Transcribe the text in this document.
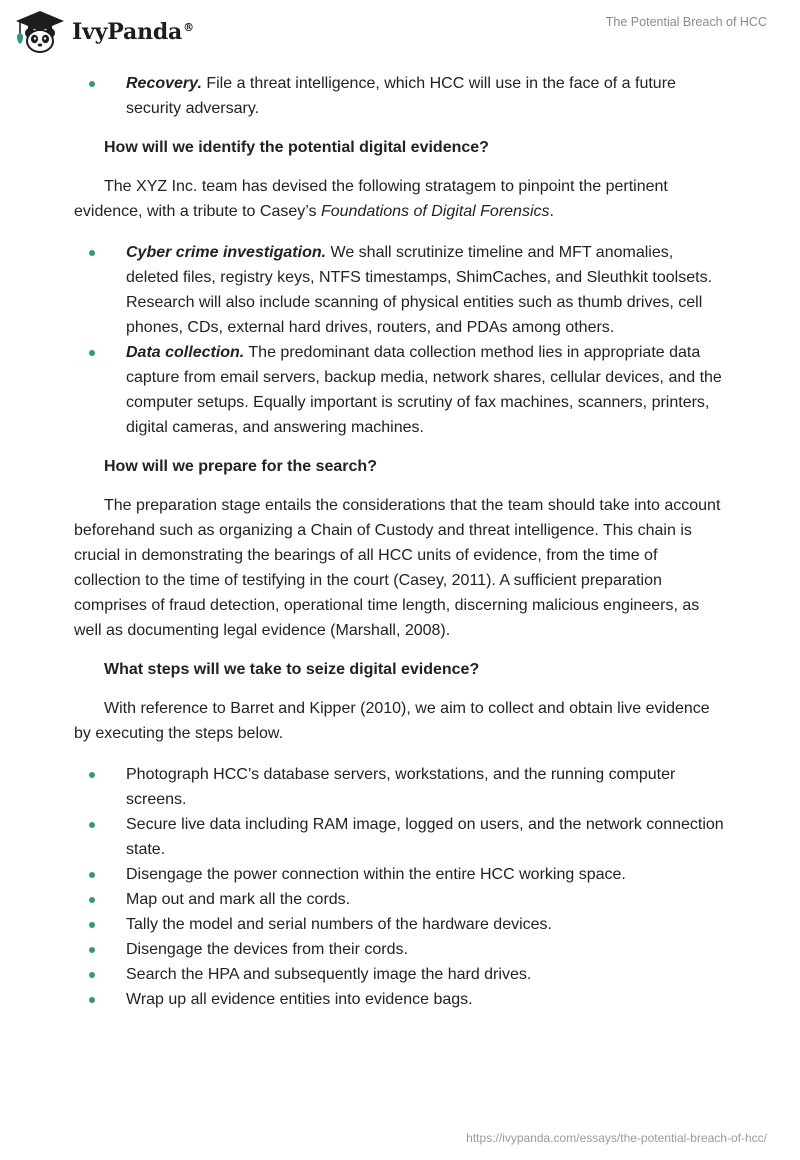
IvyPanda®	The Potential Breach of HCC
Recovery. File a threat intelligence, which HCC will use in the face of a future security adversary.
How will we identify the potential digital evidence?
The XYZ Inc. team has devised the following stratagem to pinpoint the pertinent evidence, with a tribute to Casey’s Foundations of Digital Forensics.
Cyber crime investigation. We shall scrutinize timeline and MFT anomalies, deleted files, registry keys, NTFS timestamps, ShimCaches, and Sleuthkit toolsets. Research will also include scanning of physical entities such as thumb drives, cell phones, CDs, external hard drives, routers, and PDAs among others.
Data collection. The predominant data collection method lies in appropriate data capture from email servers, backup media, network shares, cellular devices, and the computer setups. Equally important is scrutiny of fax machines, scanners, printers, digital cameras, and answering machines.
How will we prepare for the search?
The preparation stage entails the considerations that the team should take into account beforehand such as organizing a Chain of Custody and threat intelligence. This chain is crucial in demonstrating the bearings of all HCC units of evidence, from the time of collection to the time of testifying in the court (Casey, 2011). A sufficient preparation comprises of fraud detection, operational time length, discerning malicious engineers, as well as documenting legal evidence (Marshall, 2008).
What steps will we take to seize digital evidence?
With reference to Barret and Kipper (2010), we aim to collect and obtain live evidence by executing the steps below.
Photograph HCC’s database servers, workstations, and the running computer screens.
Secure live data including RAM image, logged on users, and the network connection state.
Disengage the power connection within the entire HCC working space.
Map out and mark all the cords.
Tally the model and serial numbers of the hardware devices.
Disengage the devices from their cords.
Search the HPA and subsequently image the hard drives.
Wrap up all evidence entities into evidence bags.
https://ivypanda.com/essays/the-potential-breach-of-hcc/
